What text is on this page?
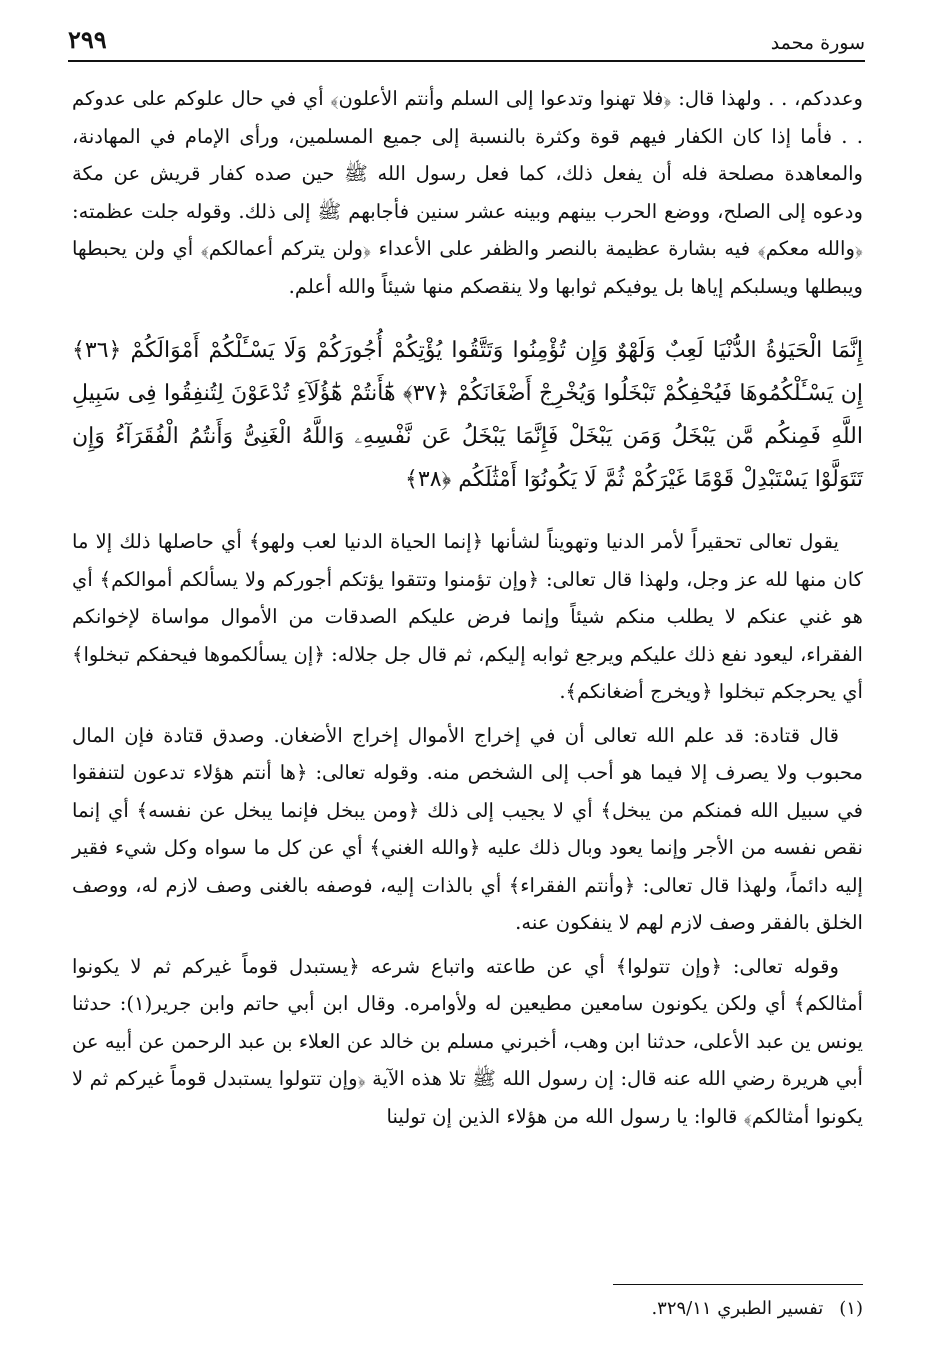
سورة محمد
٢٩٩

وعددكم، . . ولهذا قال: ﴿فلا تهنوا وتدعوا إلى السلم وأنتم الأعلون﴾ أي في حال علوكم على عدوكم . . فأما إذا كان الكفار فيهم قوة وكثرة بالنسبة إلى جميع المسلمين، ورأى الإمام في المهادنة، والمعاهدة مصلحة فله أن يفعل ذلك، كما فعل رسول الله ﷺ حين صده كفار قريش عن مكة ودعوه إلى الصلح، ووضع الحرب بينهم وبينه عشر سنين فأجابهم ﷺ إلى ذلك. وقوله جلت عظمته: ﴿والله معكم﴾ فيه بشارة عظيمة بالنصر والظفر على الأعداء ﴿ولن يتركم أعمالكم﴾ أي ولن يحبطها ويبطلها ويسلبكم إياها بل يوفيكم ثوابها ولا ينقصكم منها شيئاً والله أعلم.

إِنَّمَا الْحَيَوٰةُ الدُّنْيَا لَعِبٌ وَلَهْوٌ وَإِن تُؤْمِنُوا وَتَتَّقُوا يُؤْتِكُمْ أُجُورَكُمْ وَلَا يَسْـَٔلْكُمْ أَمْوَالَكُمْ ﴿٣٦﴾ إِن يَسْـَٔلْكُمُوهَا فَيُحْفِكُمْ تَبْخَلُوا وَيُخْرِجْ أَضْغَانَكُمْ ﴿٣٧﴾ هَٰٓأَنتُمْ هَٰٓؤُلَآءِ تُدْعَوْنَ لِتُنفِقُوا فِى سَبِيلِ اللَّهِ فَمِنكُم مَّن يَبْخَلُ وَمَن يَبْخَلْ فَإِنَّمَا يَبْخَلُ عَن نَّفْسِهِۦ وَاللَّهُ الْغَنِىُّ وَأَنتُمُ الْفُقَرَآءُ وَإِن تَتَوَلَّوْا يَسْتَبْدِلْ قَوْمًا غَيْرَكُمْ ثُمَّ لَا يَكُونُوٓا أَمْثَٰلَكُم ﴿٣٨﴾

يقول تعالى تحقيراً لأمر الدنيا وتهويناً لشأنها ﴿إنما الحياة الدنيا لعب ولهو﴾ أي حاصلها ذلك إلا ما كان منها لله عز وجل، ولهذا قال تعالى: ﴿وإن تؤمنوا وتتقوا يؤتكم أجوركم ولا يسألكم أموالكم﴾ أي هو غني عنكم لا يطلب منكم شيئاً وإنما فرض عليكم الصدقات من الأموال مواساة لإخوانكم الفقراء، ليعود نفع ذلك عليكم ويرجع ثوابه إليكم، ثم قال جل جلاله: ﴿إن يسألكموها فيحفكم تبخلوا﴾ أي يحرجكم تبخلوا ﴿ويخرج أضغانكم﴾.

قال قتادة: قد علم الله تعالى أن في إخراج الأموال إخراج الأضغان. وصدق قتادة فإن المال محبوب ولا يصرف إلا فيما هو أحب إلى الشخص منه. وقوله تعالى: ﴿ها أنتم هؤلاء تدعون لتنفقوا في سبيل الله فمنكم من يبخل﴾ أي لا يجيب إلى ذلك ﴿ومن يبخل فإنما يبخل عن نفسه﴾ أي إنما نقص نفسه من الأجر وإنما يعود وبال ذلك عليه ﴿والله الغني﴾ أي عن كل ما سواه وكل شيء فقير إليه دائماً، ولهذا قال تعالى: ﴿وأنتم الفقراء﴾ أي بالذات إليه، فوصفه بالغنى وصف لازم له، ووصف الخلق بالفقر وصف لازم لهم لا ينفكون عنه.

وقوله تعالى: ﴿وإن تتولوا﴾ أي عن طاعته واتباع شرعه ﴿يستبدل قوماً غيركم ثم لا يكونوا أمثالكم﴾ أي ولكن يكونون سامعين مطيعين له ولأوامره. وقال ابن أبي حاتم وابن جرير(١): حدثنا يونس ين عبد الأعلى، حدثنا ابن وهب، أخبرني مسلم بن خالد عن العلاء بن عبد الرحمن عن أبيه عن أبي هريرة رضي الله عنه قال: إن رسول الله ﷺ تلا هذه الآية ﴿وإن تتولوا يستبدل قوماً غيركم ثم لا يكونوا أمثالكم﴾ قالوا: يا رسول الله من هؤلاء الذين إن تولينا

(١)تفسير الطبري ٣٢٩/١١.
